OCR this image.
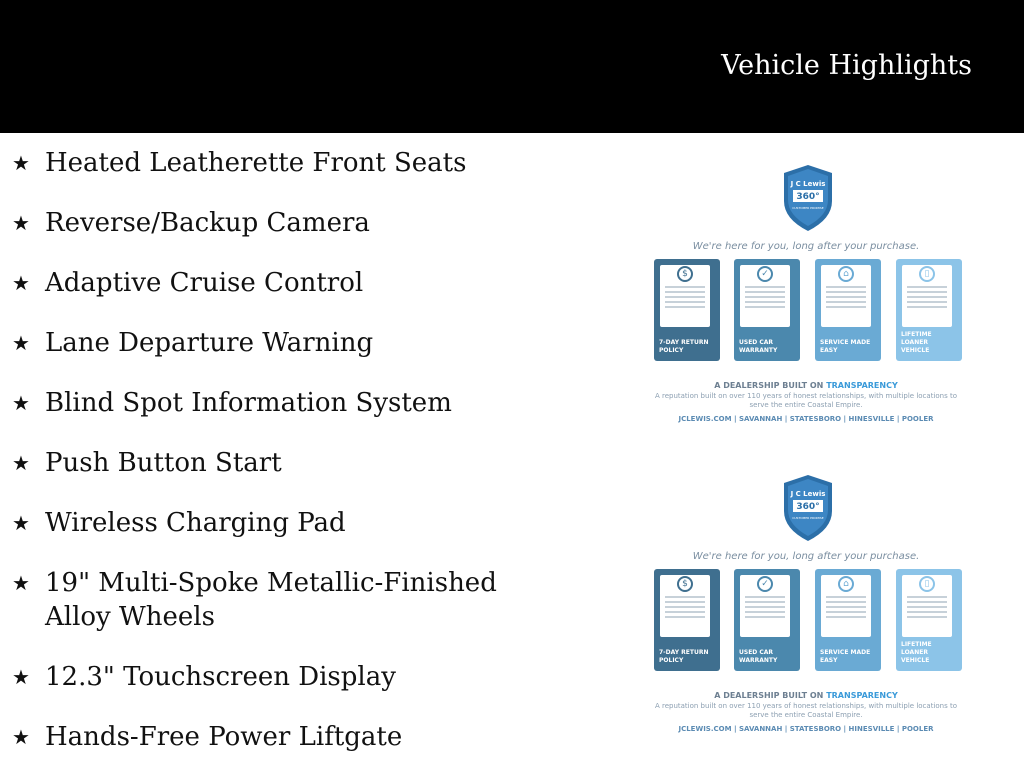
Vehicle Highlights
★ Heated Leatherette Front Seats
★ Reverse/Backup Camera
★ Adaptive Cruise Control
★ Lane Departure Warning
★ Blind Spot Information System
★ Push Button Start
★ Wireless Charging Pad
★ 19" Multi-Spoke Metallic-Finished Alloy Wheels
★ 12.3" Touchscreen Display
★ Hands-Free Power Liftgate
J C Lewis
360°
CUSTOMER PROMISE
We're here for you, long after your purchase.
$
7-DAY RETURN POLICY
✓
USED CAR WARRANTY
⌂
SERVICE MADE EASY
▯
LIFETIME LOANER VEHICLE
A DEALERSHIP BUILT ON TRANSPARENCY
A reputation built on over 110 years of honest relationships, with multiple locations to serve the entire Coastal Empire.
JCLEWIS.COM | SAVANNAH | STATESBORO | HINESVILLE | POOLER
J C Lewis
360°
CUSTOMER PROMISE
We're here for you, long after your purchase.
$
7-DAY RETURN POLICY
✓
USED CAR WARRANTY
⌂
SERVICE MADE EASY
▯
LIFETIME LOANER VEHICLE
A DEALERSHIP BUILT ON TRANSPARENCY
A reputation built on over 110 years of honest relationships, with multiple locations to serve the entire Coastal Empire.
JCLEWIS.COM | SAVANNAH | STATESBORO | HINESVILLE | POOLER
